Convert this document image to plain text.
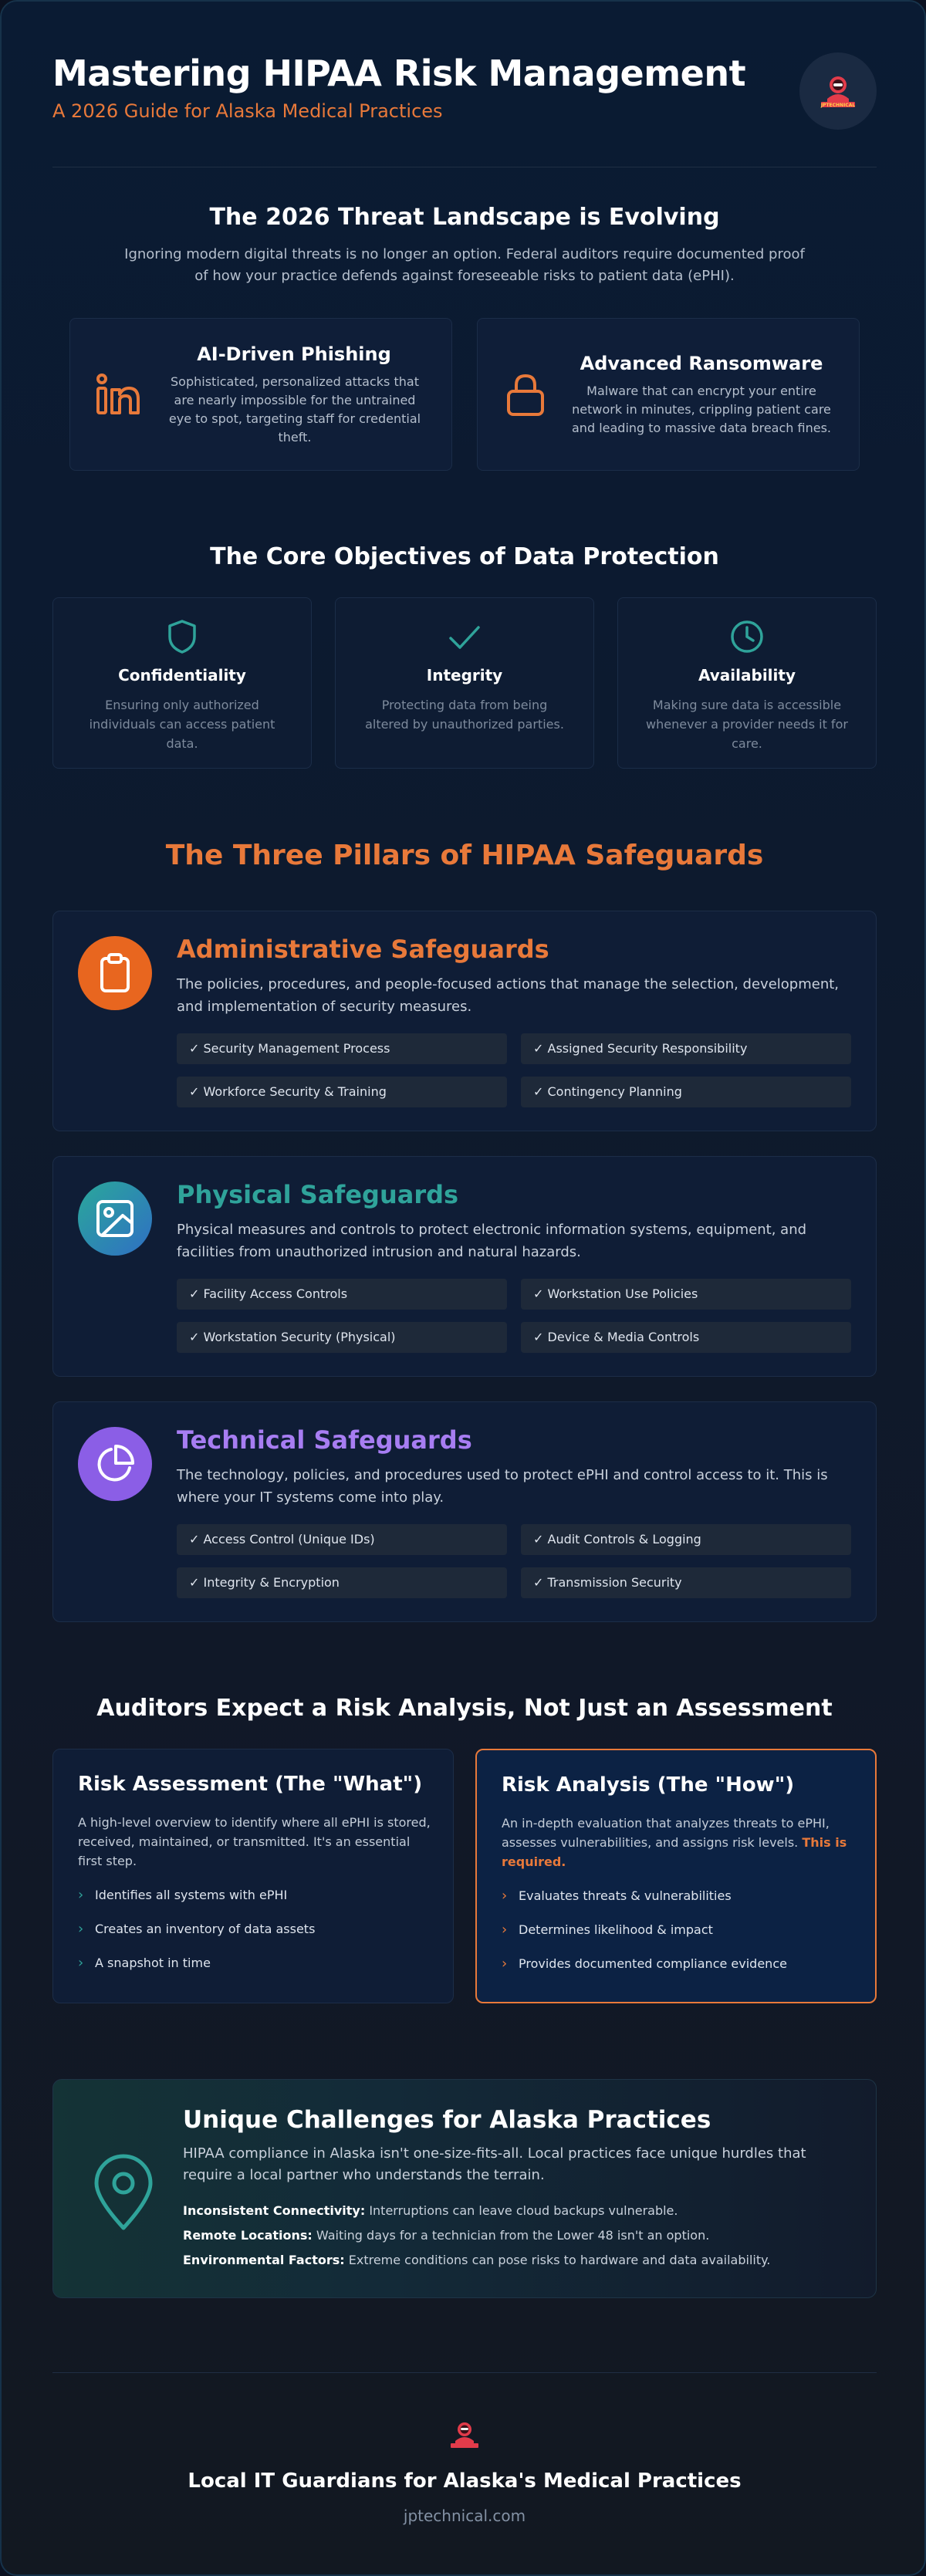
Mastering HIPAA Risk Management
A 2026 Guide for Alaska Medical Practices	JPTECHNICAL
The 2026 Threat Landscape is Evolving
Ignoring modern digital threats is no longer an option. Federal auditors require documented proof of how your practice defends against foreseeable risks to patient data (ePHI).
AI-Driven Phishing
Sophisticated, personalized attacks that are nearly impossible for the untrained eye to spot, targeting staff for credential theft.
Advanced Ransomware
Malware that can encrypt your entire network in minutes, crippling patient care and leading to massive data breach fines.
The Core Objectives of Data Protection
Confidentiality
Ensuring only authorized individuals can access patient data.
Integrity
Protecting data from being altered by unauthorized parties.
Availability
Making sure data is accessible whenever a provider needs it for care.
The Three Pillars of HIPAA Safeguards
Administrative Safeguards
The policies, procedures, and people-focused actions that manage the selection, development, and implementation of security measures.
✓ Security Management Process	✓ Assigned Security Responsibility
✓ Workforce Security & Training	✓ Contingency Planning
Physical Safeguards
Physical measures and controls to protect electronic information systems, equipment, and facilities from unauthorized intrusion and natural hazards.
✓ Facility Access Controls	✓ Workstation Use Policies
✓ Workstation Security (Physical)	✓ Device & Media Controls
Technical Safeguards
The technology, policies, and procedures used to protect ePHI and control access to it. This is where your IT systems come into play.
✓ Access Control (Unique IDs)	✓ Audit Controls & Logging
✓ Integrity & Encryption	✓ Transmission Security
Auditors Expect a Risk Analysis, Not Just an Assessment
Risk Assessment (The "What")
A high-level overview to identify where all ePHI is stored, received, maintained, or transmitted. It's an essential first step.
› Identifies all systems with ePHI
› Creates an inventory of data assets
› A snapshot in time
Risk Analysis (The "How")
An in-depth evaluation that analyzes threats to ePHI, assesses vulnerabilities, and assigns risk levels. This is required.
› Evaluates threats & vulnerabilities
› Determines likelihood & impact
› Provides documented compliance evidence
Unique Challenges for Alaska Practices
HIPAA compliance in Alaska isn't one-size-fits-all. Local practices face unique hurdles that require a local partner who understands the terrain.
Inconsistent Connectivity: Interruptions can leave cloud backups vulnerable.
Remote Locations: Waiting days for a technician from the Lower 48 isn't an option.
Environmental Factors: Extreme conditions can pose risks to hardware and data availability.
Local IT Guardians for Alaska's Medical Practices
jptechnical.com
